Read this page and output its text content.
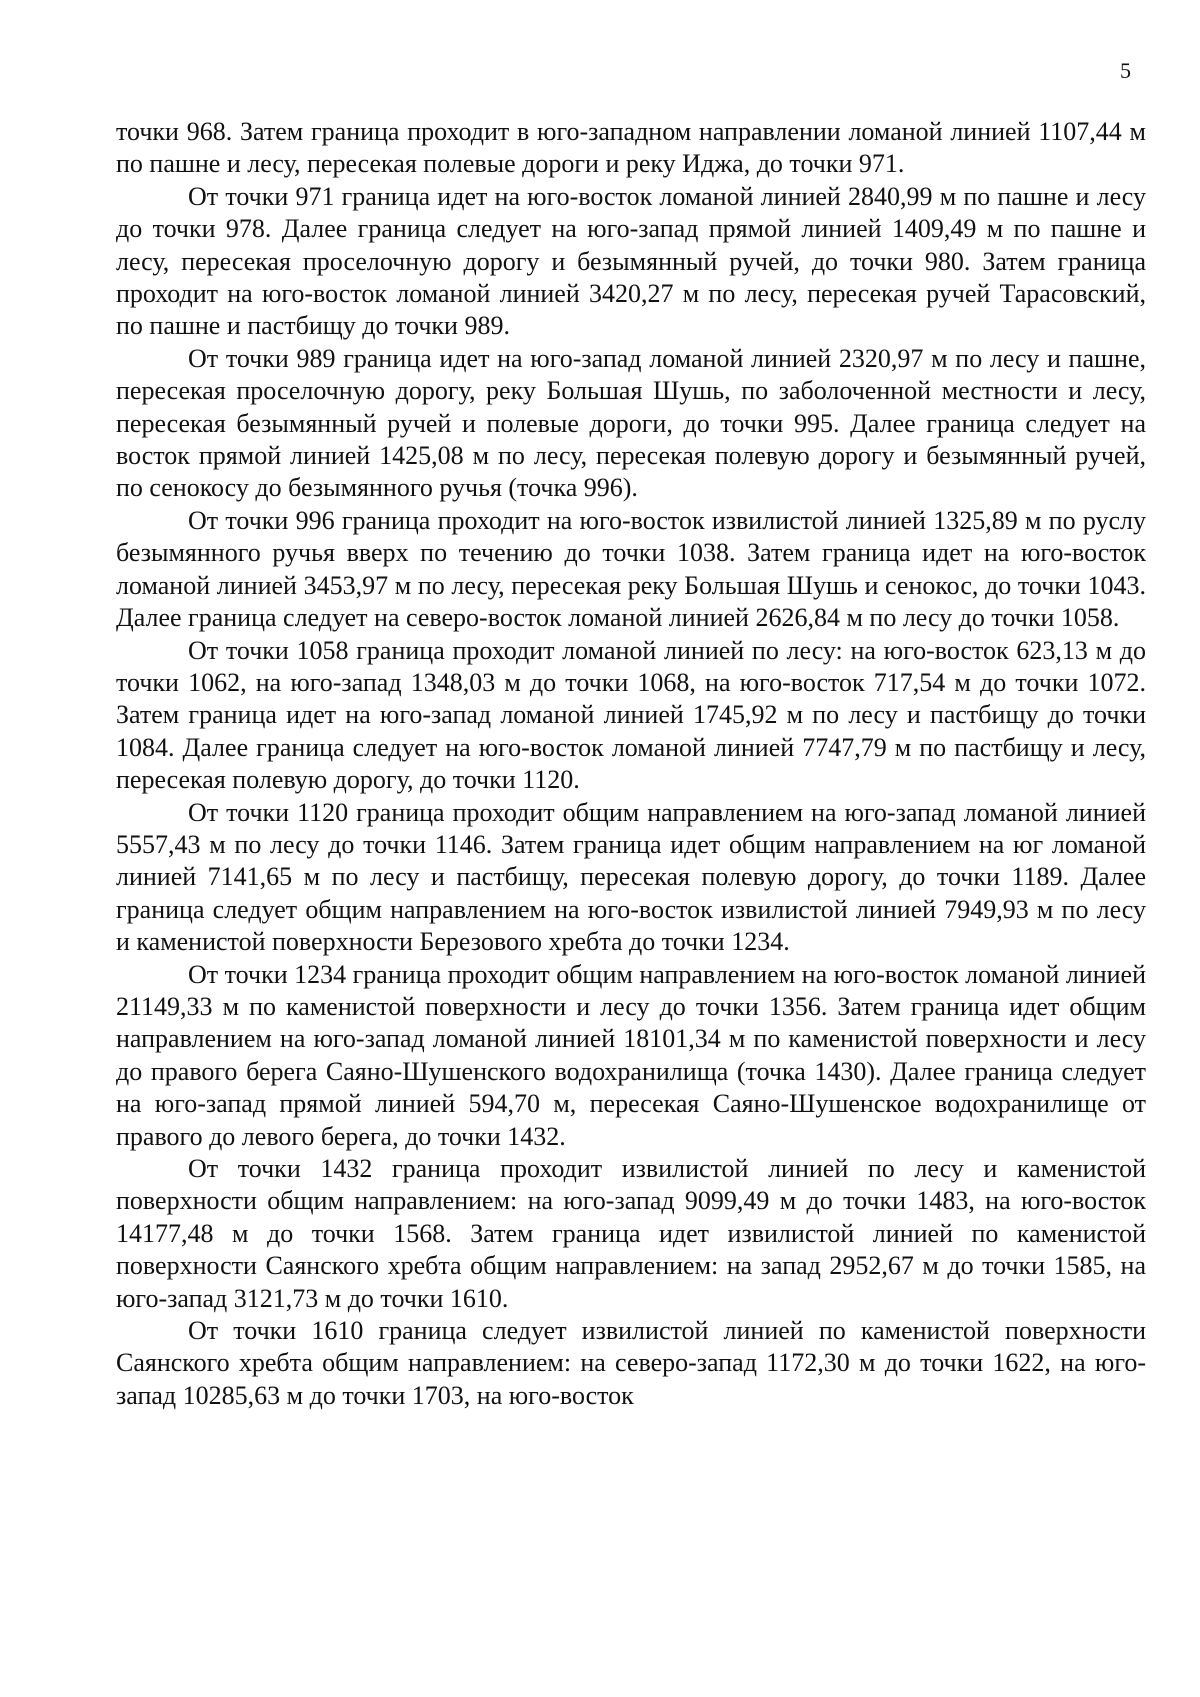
5

точки 968. Затем граница проходит в юго-западном направлении ломаной линией 1107,44 м по пашне и лесу, пересекая полевые дороги и реку Иджа, до точки 971.

От точки 971 граница идет на юго-восток ломаной линией 2840,99 м по пашне и лесу до точки 978. Далее граница следует на юго-запад прямой линией 1409,49 м по пашне и лесу, пересекая проселочную дорогу и безымянный ручей, до точки 980. Затем граница проходит на юго-восток ломаной линией 3420,27 м по лесу, пересекая ручей Тарасовский, по пашне и пастбищу до точки 989.

От точки 989 граница идет на юго-запад ломаной линией 2320,97 м по лесу и пашне, пересекая проселочную дорогу, реку Большая Шушь, по заболоченной местности и лесу, пересекая безымянный ручей и полевые дороги, до точки 995. Далее граница следует на восток прямой линией 1425,08 м по лесу, пересекая полевую дорогу и безымянный ручей, по сенокосу до безымянного ручья (точка 996).

От точки 996 граница проходит на юго-восток извилистой линией 1325,89 м по руслу безымянного ручья вверх по течению до точки 1038. Затем граница идет на юго-восток ломаной линией 3453,97 м по лесу, пересекая реку Большая Шушь и сенокос, до точки 1043. Далее граница следует на северо-восток ломаной линией 2626,84 м по лесу до точки 1058.

От точки 1058 граница проходит ломаной линией по лесу: на юго-восток 623,13 м до точки 1062, на юго-запад 1348,03 м до точки 1068, на юго-восток 717,54 м до точки 1072. Затем граница идет на юго-запад ломаной линией 1745,92 м по лесу и пастбищу до точки 1084. Далее граница следует на юго-восток ломаной линией 7747,79 м по пастбищу и лесу, пересекая полевую дорогу, до точки 1120.

От точки 1120 граница проходит общим направлением на юго-запад ломаной линией 5557,43 м по лесу до точки 1146. Затем граница идет общим направлением на юг ломаной линией 7141,65 м по лесу и пастбищу, пересекая полевую дорогу, до точки 1189. Далее граница следует общим направлением на юго-восток извилистой линией 7949,93 м по лесу и каменистой поверхности Березового хребта до точки 1234.

От точки 1234 граница проходит общим направлением на юго-восток ломаной линией 21149,33 м по каменистой поверхности и лесу до точки 1356. Затем граница идет общим направлением на юго-запад ломаной линией 18101,34 м по каменистой поверхности и лесу до правого берега Саяно-Шушенского водохранилища (точка 1430). Далее граница следует на юго-запад прямой линией 594,70 м, пересекая Саяно-Шушенское водохранилище от правого до левого берега, до точки 1432.

От точки 1432 граница проходит извилистой линией по лесу и каменистой поверхности общим направлением: на юго-запад 9099,49 м до точки 1483, на юго-восток 14177,48 м до точки 1568. Затем граница идет извилистой линией по каменистой поверхности Саянского хребта общим направлением: на запад 2952,67 м до точки 1585, на юго-запад 3121,73 м до точки 1610.

От точки 1610 граница следует извилистой линией по каменистой поверхности Саянского хребта общим направлением: на северо-запад 1172,30 м до точки 1622, на юго-запад 10285,63 м до точки 1703, на юго-восток
